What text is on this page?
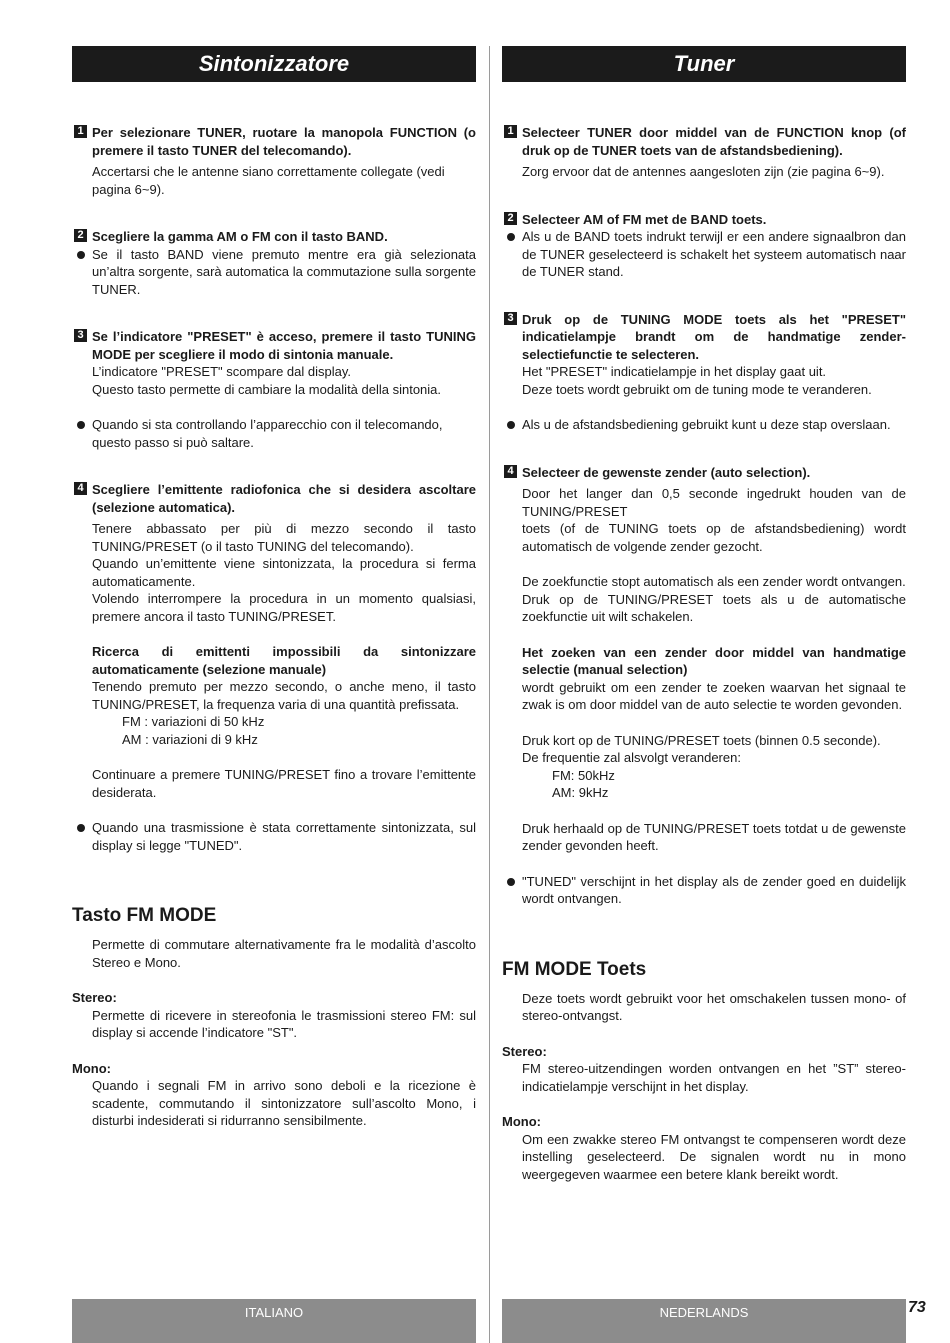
Sintonizzatore
1 Per selezionare TUNER, ruotare la manopola FUNCTION (o premere il tasto TUNER del telecomando).
Accertarsi che le antenne siano correttamente collegate (vedi pagina 6~9).
2 Scegliere la gamma AM o FM con il tasto BAND.
Se il tasto BAND viene premuto mentre era già selezionata un’altra sorgente, sarà automatica la commutazione sulla sorgente TUNER.
3 Se l’indicatore "PRESET" è acceso, premere il tasto TUNING MODE per scegliere il modo di sintonia manuale.
L’indicatore "PRESET" scompare dal display.
Questo tasto permette di cambiare la modalità della sintonia.
Quando si sta controllando l’apparecchio con il telecomando, questo passo si può saltare.
4 Scegliere l’emittente radiofonica che si desidera ascoltare (selezione automatica).
Tenere abbassato per più di mezzo secondo il tasto TUNING/PRESET (o il tasto TUNING del telecomando).
Quando un’emittente viene sintonizzata, la procedura si ferma automaticamente.
Volendo interrompere la procedura in un momento qualsiasi, premere ancora il tasto TUNING/PRESET.
Ricerca di emittenti impossibili da sintonizzare automaticamente (selezione manuale)
Tenendo premuto per mezzo secondo, o anche meno, il tasto TUNING/PRESET, la frequenza varia di una quantità prefissata.
FM : variazioni di 50 kHz
AM : variazioni di 9 kHz
Continuare a premere TUNING/PRESET fino a trovare l’emittente desiderata.
Quando una trasmissione è stata correttamente sintonizzata, sul display si legge "TUNED".
Tasto FM MODE
Permette di commutare alternativamente fra le modalità d’ascolto Stereo e Mono.
Stereo:
Permette di ricevere in stereofonia le trasmissioni stereo FM: sul display si accende l’indicatore "ST".
Mono:
Quando i segnali FM in arrivo sono deboli e la ricezione è scadente, commutando il sintonizzatore sull’ascolto Mono, i disturbi indesiderati si ridurranno sensibilmente.
Tuner
1 Selecteer TUNER door middel van de FUNCTION knop (of druk op de TUNER toets van de afstandsbediening).
Zorg ervoor dat de antennes aangesloten zijn (zie pagina 6~9).
2 Selecteer AM of FM met de BAND toets.
Als u de BAND toets indrukt terwijl er een andere signaalbron dan de TUNER geselecteerd is schakelt het systeem automatisch naar de TUNER stand.
3 Druk op de TUNING MODE toets als het "PRESET" indicatielampje brandt om de handmatige zender-selectiefunctie te selecteren.
Het "PRESET" indicatielampje in het display gaat uit.
Deze toets wordt gebruikt om de tuning mode te veranderen.
Als u de afstandsbediening gebruikt kunt u deze stap overslaan.
4 Selecteer de gewenste zender (auto selection).
Door het langer dan 0,5 seconde ingedrukt houden van de TUNING/PRESET
toets (of de TUNING toets op de afstandsbediening) wordt automatisch de volgende zender gezocht.
De zoekfunctie stopt automatisch als een zender wordt ontvangen.
Druk op de TUNING/PRESET toets als u de automatische zoekfunctie uit wilt schakelen.
Het zoeken van een zender door middel van handmatige selectie (manual selection)
wordt gebruikt om een zender te zoeken waarvan het signaal te zwak is om door middel van de auto selectie te worden gevonden.
Druk kort op de TUNING/PRESET toets (binnen 0.5 seconde).
De frequentie zal alsvolgt veranderen:
FM: 50kHz
AM: 9kHz
Druk herhaald op de TUNING/PRESET toets totdat u de gewenste zender gevonden heeft.
"TUNED" verschijnt in het display als de zender goed en duidelijk wordt ontvangen.
FM MODE Toets
Deze toets wordt gebruikt voor het omschakelen tussen mono- of stereo-ontvangst.
Stereo:
FM stereo-uitzendingen worden ontvangen en het ”ST” stereo-indicatielampje verschijnt in het display.
Mono:
Om een zwakke stereo FM ontvangst te compenseren wordt deze instelling geselecteerd. De signalen wordt nu in mono weergegeven waarmee een betere klank bereikt wordt.
ITALIANO	NEDERLANDS	73
